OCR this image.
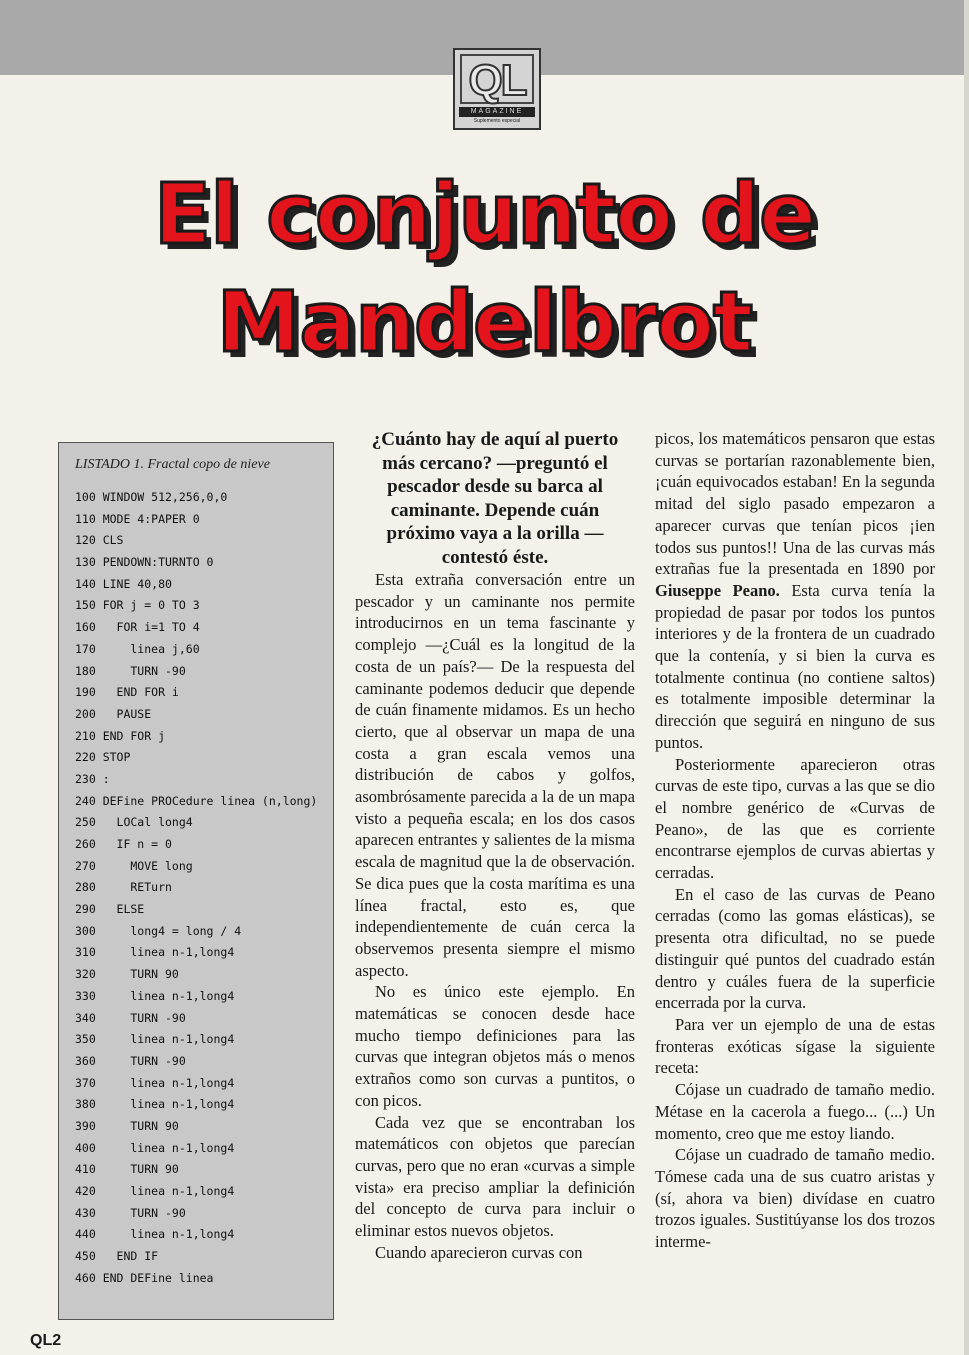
QL
MAGAZINE
Suplemento especial
El conjunto de
Mandelbrot
LISTADO 1. Fractal copo de nieve
100 WINDOW 512,256,0,0
110 MODE 4:PAPER 0
120 CLS
130 PENDOWN:TURNTO 0
140 LINE 40,80
150 FOR j = 0 TO 3
160   FOR i=1 TO 4
170     linea j,60
180     TURN -90
190   END FOR i
200   PAUSE
210 END FOR j
220 STOP
230 :
240 DEFine PROCedure linea (n,long)
250   LOCal long4
260   IF n = 0
270     MOVE long
280     RETurn
290   ELSE
300     long4 = long / 4
310     linea n-1,long4
320     TURN 90
330     linea n-1,long4
340     TURN -90
350     linea n-1,long4
360     TURN -90
370     linea n-1,long4
380     linea n-1,long4
390     TURN 90
400     linea n-1,long4
410     TURN 90
420     linea n-1,long4
430     TURN -90
440     linea n-1,long4
450   END IF
460 END DEFine linea

¿Cuánto hay de aquí al puerto más cercano? —preguntó el pescador desde su barca al caminante. Depende cuán próximo vaya a la orilla —contestó éste.

Esta extraña conversación entre un pescador y un caminante nos permite introducirnos en un tema fascinante y complejo —¿Cuál es la longitud de la costa de un país?— De la respuesta del caminante podemos deducir que depende de cuán finamente midamos. Es un hecho cierto, que al observar un mapa de una costa a gran escala vemos una distribución de cabos y golfos, asombrósamente parecida a la de un mapa visto a pequeña escala; en los dos casos aparecen entrantes y salientes de la misma escala de magnitud que la de observación. Se dica pues que la costa marítima es una línea fractal, esto es, que independientemente de cuán cerca la observemos presenta siempre el mismo aspecto.

No es único este ejemplo. En matemáticas se conocen desde hace mucho tiempo definiciones para las curvas que integran objetos más o menos extraños como son curvas a puntitos, o con picos.

Cada vez que se encontraban los matemáticos con objetos que parecían curvas, pero que no eran «curvas a simple vista» era preciso ampliar la definición del concepto de curva para incluir o eliminar estos nuevos objetos.

Cuando aparecieron curvas con

picos, los matemáticos pensaron que estas curvas se portarían razonablemente bien, ¡cuán equivocados estaban! En la segunda mitad del siglo pasado empezaron a aparecer curvas que tenían picos ¡ien todos sus puntos!! Una de las curvas más extrañas fue la presentada en 1890 por Giuseppe Peano. Esta curva tenía la propiedad de pasar por todos los puntos interiores y de la frontera de un cuadrado que la contenía, y si bien la curva es totalmente continua (no contiene saltos) es totalmente imposible determinar la dirección que seguirá en ninguno de sus puntos.

Posteriormente aparecieron otras curvas de este tipo, curvas a las que se dio el nombre genérico de «Curvas de Peano», de las que es corriente encontrarse ejemplos de curvas abiertas y cerradas.

En el caso de las curvas de Peano cerradas (como las gomas elásticas), se presenta otra dificultad, no se puede distinguir qué puntos del cuadrado están dentro y cuáles fuera de la superficie encerrada por la curva.

Para ver un ejemplo de una de estas fronteras exóticas sígase la siguiente receta:

Cójase un cuadrado de tamaño medio. Métase en la cacerola a fuego... (...) Un momento, creo que me estoy liando.

Cójase un cuadrado de tamaño medio. Tómese cada una de sus cuatro aristas y (sí, ahora va bien) divídase en cuatro trozos iguales. Sustitúyanse los dos trozos interme-

QL2
